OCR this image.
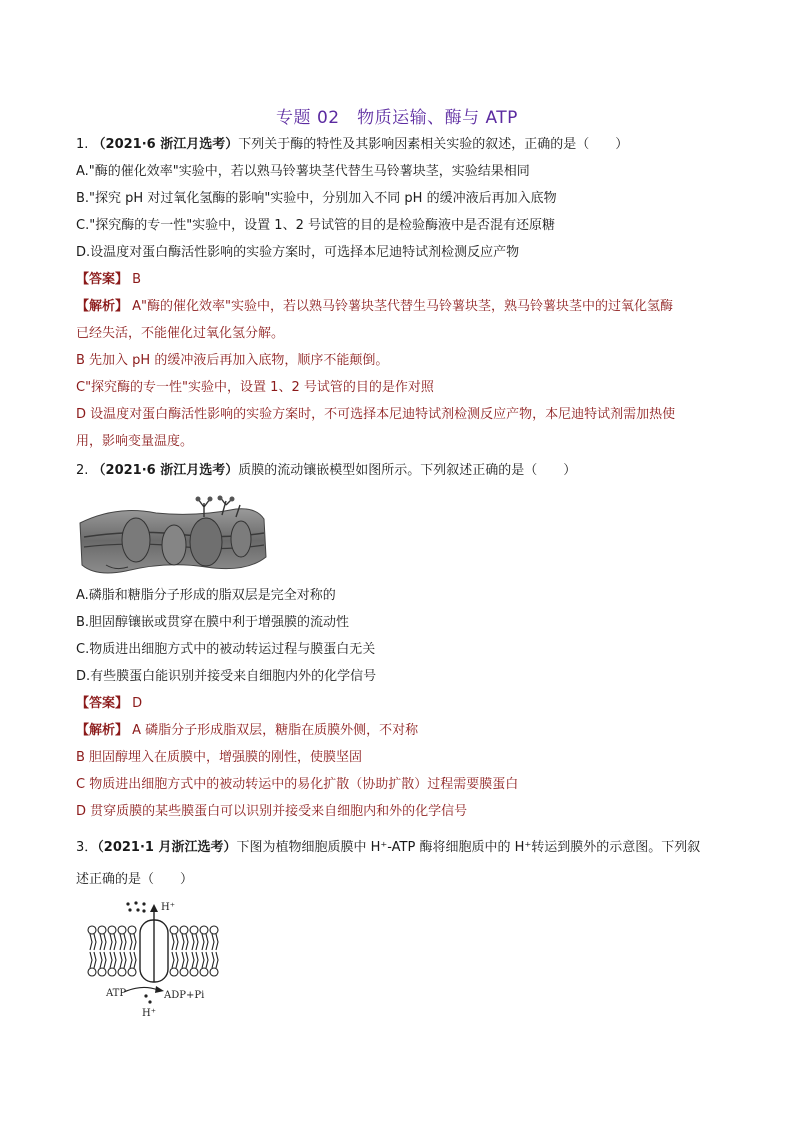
专题 02　物质运输、酶与 ATP
1. （2021·6 浙江月选考）下列关于酶的特性及其影响因素相关实验的叙述，正确的是（　　）
A."酶的催化效率"实验中，若以熟马铃薯块茎代替生马铃薯块茎，实验结果相同
B."探究 pH 对过氧化氢酶的影响"实验中，分别加入不同 pH 的缓冲液后再加入底物
C."探究酶的专一性"实验中，设置 1、2 号试管的目的是检验酶液中是否混有还原糖
D.设温度对蛋白酶活性影响的实验方案时，可选择本尼迪特试剂检测反应产物
【答案】 B
【解析】 A"酶的催化效率"实验中，若以熟马铃薯块茎代替生马铃薯块茎，熟马铃薯块茎中的过氧化氢酶
已经失活，不能催化过氧化氢分解。
B 先加入 pH 的缓冲液后再加入底物，顺序不能颠倒。
C"探究酶的专一性"实验中，设置 1、2 号试管的目的是作对照
D 设温度对蛋白酶活性影响的实验方案时，不可选择本尼迪特试剂检测反应产物，本尼迪特试剂需加热使
用，影响变量温度。
2. （2021·6 浙江月选考）质膜的流动镶嵌模型如图所示。下列叙述正确的是（　　）
A.磷脂和糖脂分子形成的脂双层是完全对称的
B.胆固醇镶嵌或贯穿在膜中利于增强膜的流动性
C.物质进出细胞方式中的被动转运过程与膜蛋白无关
D.有些膜蛋白能识别并接受来自细胞内外的化学信号
【答案】 D
【解析】 A 磷脂分子形成脂双层，糖脂在质膜外侧，不对称
B 胆固醇埋入在质膜中，增强膜的刚性，使膜坚固
C 物质进出细胞方式中的被动转运中的易化扩散（协助扩散）过程需要膜蛋白
D 贯穿质膜的某些膜蛋白可以识别并接受来自细胞内和外的化学信号
3．（2021·1 月浙江选考）下图为植物细胞质膜中 H⁺-ATP 酶将细胞质中的 H⁺转运到膜外的示意图。下列叙
述正确的是（　　）
H⁺
ATP	ADP+Pi
H⁺
